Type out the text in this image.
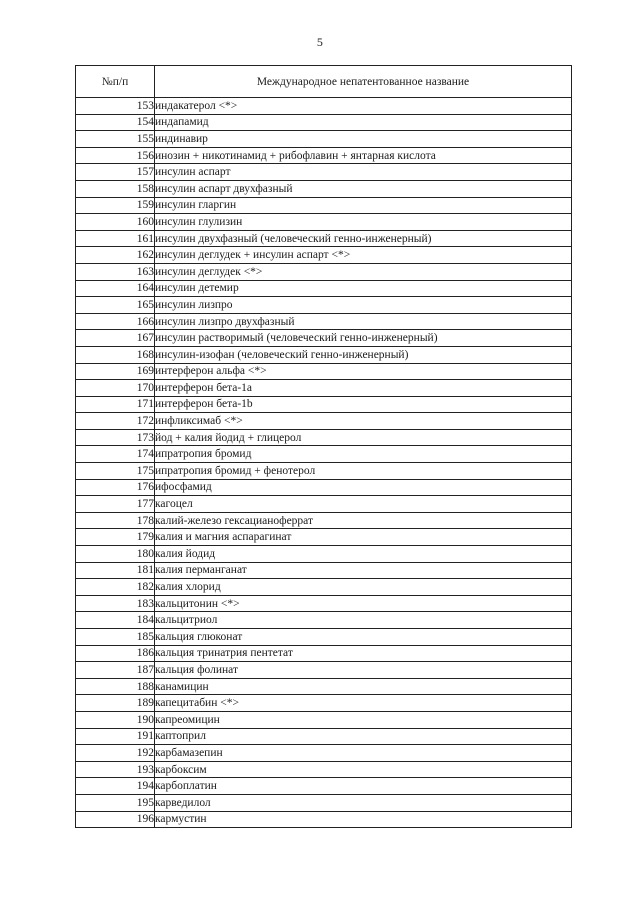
5
№п/п	Международное непатентованное название
153	индакатерол <*>
154	индапамид
155	индинавир
156	инозин + никотинамид + рибофлавин + янтарная кислота
157	инсулин аспарт
158	инсулин аспарт двухфазный
159	инсулин гларгин
160	инсулин глулизин
161	инсулин двухфазный (человеческий генно-инженерный)
162	инсулин деглудек + инсулин аспарт <*>
163	инсулин деглудек <*>
164	инсулин детемир
165	инсулин лизпро
166	инсулин лизпро двухфазный
167	инсулин растворимый (человеческий генно-инженерный)
168	инсулин-изофан (человеческий генно-инженерный)
169	интерферон альфа <*>
170	интерферон бета-1а
171	интерферон бета-1b
172	инфликсимаб <*>
173	йод + калия йодид + глицерол
174	ипратропия бромид
175	ипратропия бромид + фенотерол
176	ифосфамид
177	кагоцел
178	калий-железо гексацианоферрат
179	калия и магния аспарагинат
180	калия йодид
181	калия перманганат
182	калия хлорид
183	кальцитонин <*>
184	кальцитриол
185	кальция глюконат
186	кальция тринатрия пентетат
187	кальция фолинат
188	канамицин
189	капецитабин <*>
190	капреомицин
191	каптоприл
192	карбамазепин
193	карбоксим
194	карбоплатин
195	карведилол
196	кармустин
